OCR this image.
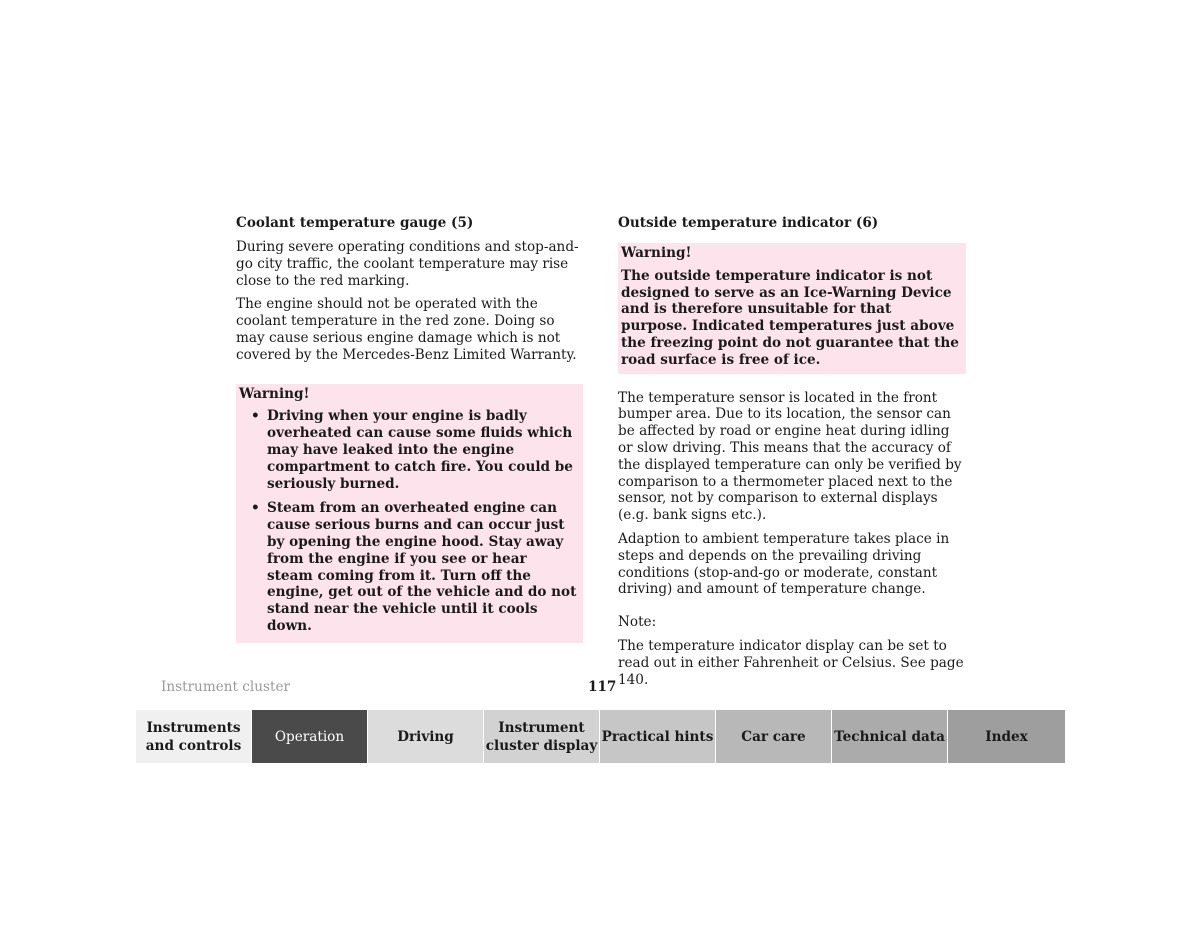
Coolant temperature gauge (5)
During severe operating conditions and stop-and-go city traffic, the coolant temperature may rise close to the red marking.
The engine should not be operated with the coolant temperature in the red zone. Doing so may cause serious engine damage which is not covered by the Mercedes-Benz Limited Warranty.
Warning!
• Driving when your engine is badly overheated can cause some fluids which may have leaked into the engine compartment to catch fire. You could be seriously burned.
• Steam from an overheated engine can cause serious burns and can occur just by opening the engine hood. Stay away from the engine if you see or hear steam coming from it. Turn off the engine, get out of the vehicle and do not stand near the vehicle until it cools down.
Outside temperature indicator (6)
Warning!
The outside temperature indicator is not designed to serve as an Ice-Warning Device and is therefore unsuitable for that purpose. Indicated temperatures just above the freezing point do not guarantee that the road surface is free of ice.
The temperature sensor is located in the front bumper area. Due to its location, the sensor can be affected by road or engine heat during idling or slow driving. This means that the accuracy of the displayed temperature can only be verified by comparison to a thermometer placed next to the sensor, not by comparison to external displays (e.g. bank signs etc.).
Adaption to ambient temperature takes place in steps and depends on the prevailing driving conditions (stop-and-go or moderate, constant driving) and amount of temperature change.
Note:
The temperature indicator display can be set to read out in either Fahrenheit or Celsius. See page 140.
Instrument cluster	117
Instruments and controls
Operation	Driving
Instrument cluster display
Practical hints Car care Technical data	Index
